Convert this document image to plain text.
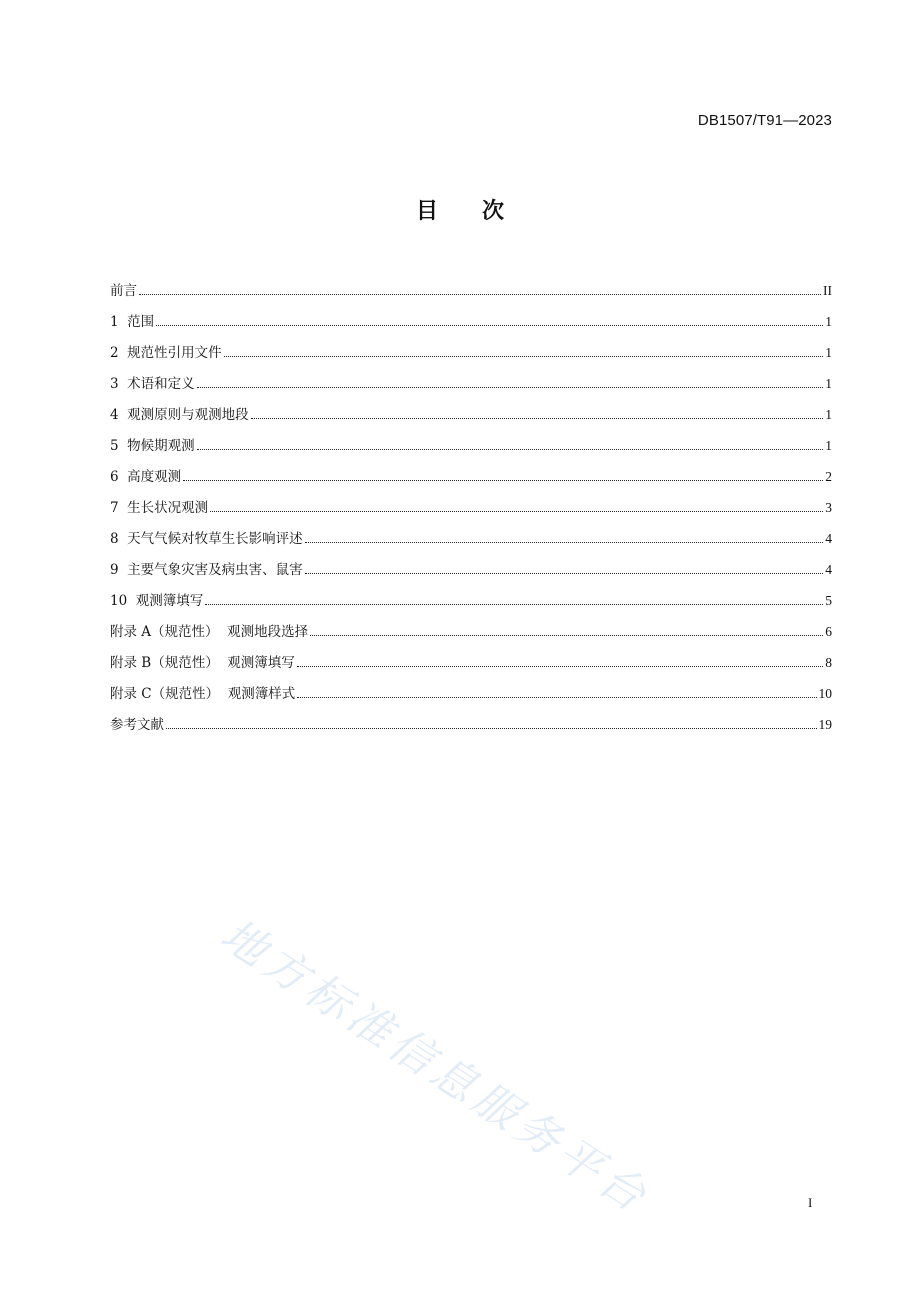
DB1507/T91—2023
目次
前言	II
1  范围	1
2  规范性引用文件	1
3  术语和定义	1
4  观测原则与观测地段	1
5  物候期观测	1
6  高度观测	2
7  生长状况观测	3
8  天气气候对牧草生长影响评述	4
9  主要气象灾害及病虫害、鼠害	4
10  观测簿填写	5
附录 A（规范性）  观测地段选择	6
附录 B（规范性）  观测簿填写	8
附录 C（规范性）  观测簿样式	10
参考文献	19
地方标准信息服务平台	I
